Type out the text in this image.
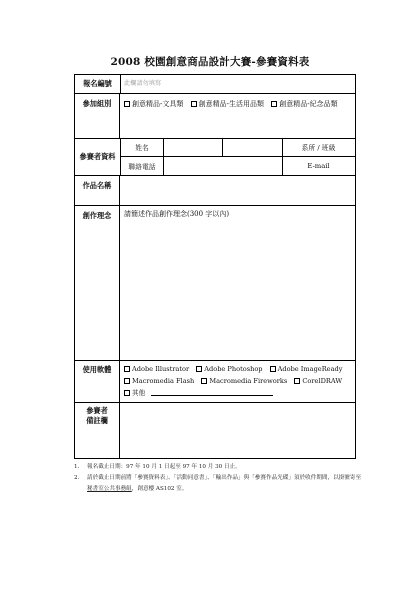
2008 校園創意商品設計大賽-參賽資料表
報名編號	此欄請勿填寫
參加組別	創意精品-文具類 創意精品-生活用品類 創意精品-紀念品類
參賽者資料
姓名	系所 / 班級
聯絡電話	E-mail
作品名稱
創作理念	請簡述作品創作理念(300 字以內)
使用軟體	Adobe Illustrator Adobe Photoshop Adobe ImageReady
Macromedia Flash Macromedia Fireworks CorelDRAW
其他
參賽者
備註欄
1. 報名截止日期：97 年 10 月 1 日起至 97 年 10 月 30 日止。
2. 請於截止日期前將「參賽資料表」、「活動同意書」、「輸出作品」與「參賽作品光碟」須於收件期間，以掛號寄至秘書室公共事務組，創意樓 AS102 室。
